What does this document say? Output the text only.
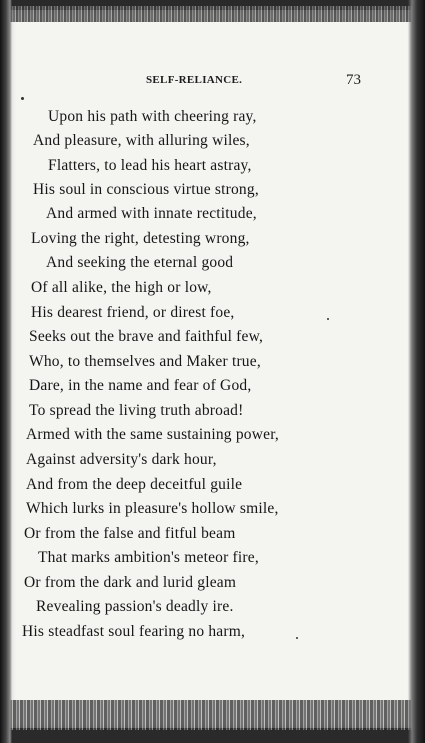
SELF-RELIANCE.	73
Upon his path with cheering ray,
And pleasure, with alluring wiles,
Flatters, to lead his heart astray,
His soul in conscious virtue strong,
And armed with innate rectitude,
Loving the right, detesting wrong,
And seeking the eternal good
Of all alike, the high or low,
His dearest friend, or direst foe,
Seeks out the brave and faithful few,
Who, to themselves and Maker true,
Dare, in the name and fear of God,
To spread the living truth abroad!
Armed with the same sustaining power,
Against adversity's dark hour,
And from the deep deceitful guile
Which lurks in pleasure's hollow smile,
Or from the false and fitful beam
That marks ambition's meteor fire,
Or from the dark and lurid gleam
Revealing passion's deadly ire.
His steadfast soul fearing no harm,
